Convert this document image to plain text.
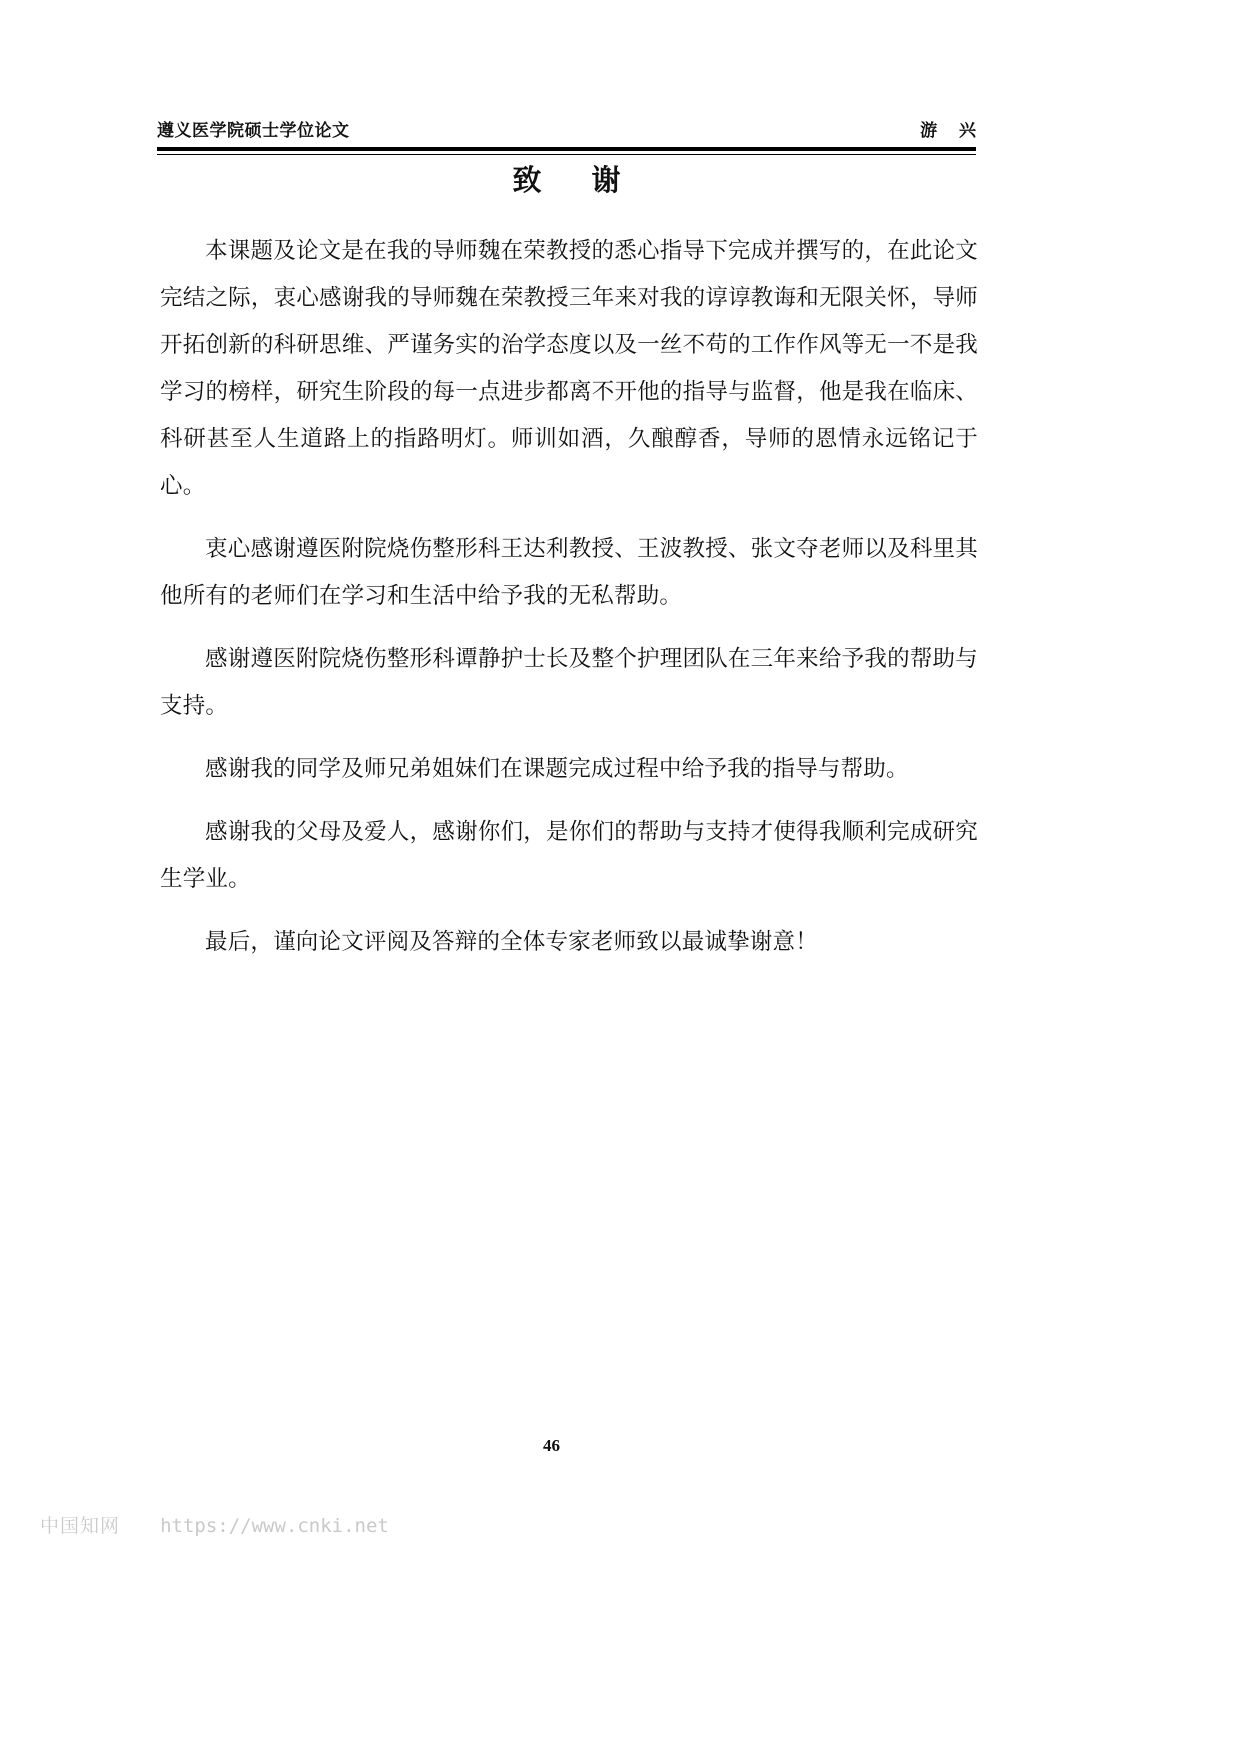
遵义医学院硕士学位论文	游 兴
致谢

本课题及论文是在我的导师魏在荣教授的悉心指导下完成并撰写的，在此论文完结之际，衷心感谢我的导师魏在荣教授三年来对我的谆谆教诲和无限关怀，导师开拓创新的科研思维、严谨务实的治学态度以及一丝不苟的工作作风等无一不是我学习的榜样，研究生阶段的每一点进步都离不开他的指导与监督，他是我在临床、科研甚至人生道路上的指路明灯。师训如酒，久酿醇香，导师的恩情永远铭记于心。

衷心感谢遵医附院烧伤整形科王达利教授、王波教授、张文夺老师以及科里其他所有的老师们在学习和生活中给予我的无私帮助。

感谢遵医附院烧伤整形科谭静护士长及整个护理团队在三年来给予我的帮助与支持。

感谢我的同学及师兄弟姐妹们在课题完成过程中给予我的指导与帮助。

感谢我的父母及爱人，感谢你们，是你们的帮助与支持才使得我顺利完成研究生学业。

最后，谨向论文评阅及答辩的全体专家老师致以最诚挚谢意！

46
中国知网 https://www.cnki.net
